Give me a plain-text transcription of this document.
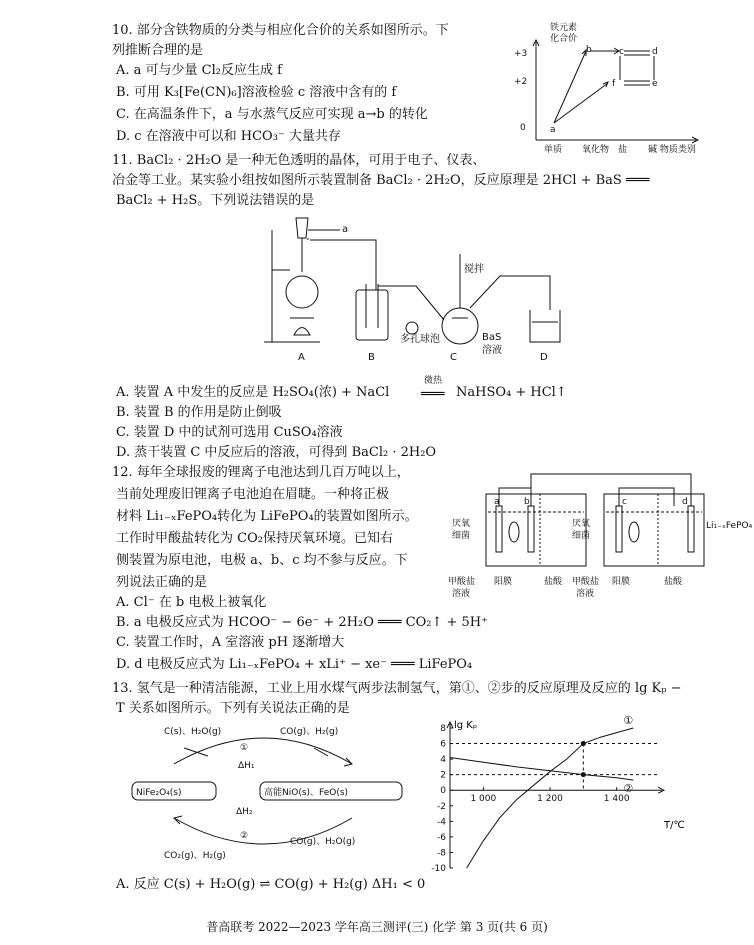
10. 部分含铁物质的分类与相应化合价的关系如图所示。下
列推断合理的是
A. a 可与少量 Cl₂反应生成 f
B. 可用 K₃[Fe(CN)₆]溶液检验 c 溶液中含有的 f
C. 在高温条件下，a 与水蒸气反应可实现 a→b 的转化
D. c 在溶液中可以和 HCO₃⁻ 大量共存
铁元素
化合价
+3
+2
0
单质 氧化物 盐 碱 物质类别
a
b	c	d
e
f
11. BaCl₂ · 2H₂O 是一种无色透明的晶体，可用于电子、仪表、
冶金等工业。某实验小组按如图所示装置制备 BaCl₂ · 2H₂O，反应原理是 2HCl + BaS ═══
BaCl₂ + H₂S。下列说法错误的是
a
搅拌
多孔球泡	BaS
溶液
A	B	C	D
A. 装置 A 中发生的反应是 H₂SO₄(浓) + NaCl
微热
═══ NaHSO₄ + HCl↑
B. 装置 B 的作用是防止倒吸
C. 装置 D 中的试剂可选用 CuSO₄溶液
D. 蒸干装置 C 中反应后的溶液，可得到 BaCl₂ · 2H₂O
12. 每年全球报废的锂离子电池达到几百万吨以上，
当前处理废旧锂离子电池迫在眉睫。一种将正极
材料 Li₁₋ₓFePO₄转化为 LiFePO₄的装置如图所示。
工作时甲酸盐转化为 CO₂保持厌氧环境。已知右
侧装置为原电池，电极 a、b、c 均不参与反应。下
列说法正确的是
A. Cl⁻ 在 b 电极上被氧化
B. a 电极反应式为 HCOO⁻ − 6e⁻ + 2H₂O ═══ CO₂↑ + 5H⁺
C. 装置工作时，A 室溶液 pH 逐渐增大
D. d 电极反应式为 Li₁₋ₓFePO₄ + xLi⁺ − xe⁻ ═══ LiFePO₄
a	b	c	d
厌氧
细菌
厌氧
细菌
Li₁₋ₓFePO₄
甲酸盐
溶液
阳膜	盐酸 甲酸盐
溶液
阳膜	盐酸
13. 氢气是一种清洁能源，工业上用水煤气两步法制氢气，第①、②步的反应原理及反应的 lg Kₚ −
T 关系如图所示。下列有关说法正确的是
C(s)、H₂O(g)	CO(g)、H₂(g)
①
ΔH₁
NiFe₂O₄(s)	高能NiO(s)、FeO(s)
ΔH₂
②
CO(g)、H₂O(g)
CO₂(g)、H₂(g)
lg Kₚ
T/℃
8
6
4
2
0
-2
-4
-6
-8
-10
1 000	1 200	1 400
①
②
A. 反应 C(s) + H₂O(g) ⇌ CO(g) + H₂(g) ΔH₁ < 0
普高联考 2022—2023 学年高三测评(三) 化学 第 3 页(共 6 页)
